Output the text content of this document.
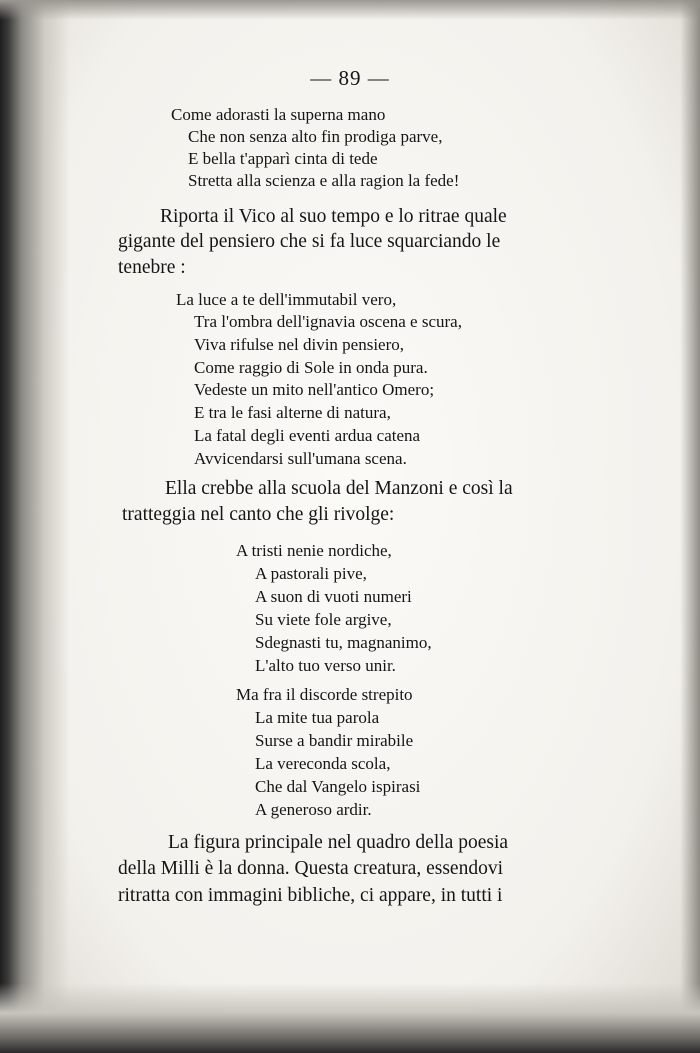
— 89 —
Come adorasti la superna mano
Che non senza alto fin prodiga parve,
E bella t'apparì cinta di tede
Stretta alla scienza e alla ragion la fede!
Riporta il Vico al suo tempo e lo ritrae quale
gigante del pensiero che si fa luce squarciando le
tenebre :
La luce a te dell'immutabil vero,
Tra l'ombra dell'ignavia oscena e scura,
Viva rifulse nel divin pensiero,
Come raggio di Sole in onda pura.
Vedeste un mito nell'antico Omero;
E tra le fasi alterne di natura,
La fatal degli eventi ardua catena
Avvicendarsi sull'umana scena.
Ella crebbe alla scuola del Manzoni e così la
tratteggia nel canto che gli rivolge:
A tristi nenie nordiche,
A pastorali pive,
A suon di vuoti numeri
Su viete fole argive,
Sdegnasti tu, magnanimo,
L'alto tuo verso unir.
Ma fra il discorde strepito
La mite tua parola
Surse a bandir mirabile
La vereconda scola,
Che dal Vangelo ispirasi
A generoso ardir.
La figura principale nel quadro della poesia
della Milli è la donna. Questa creatura, essendovi
ritratta con immagini bibliche, ci appare, in tutti i
